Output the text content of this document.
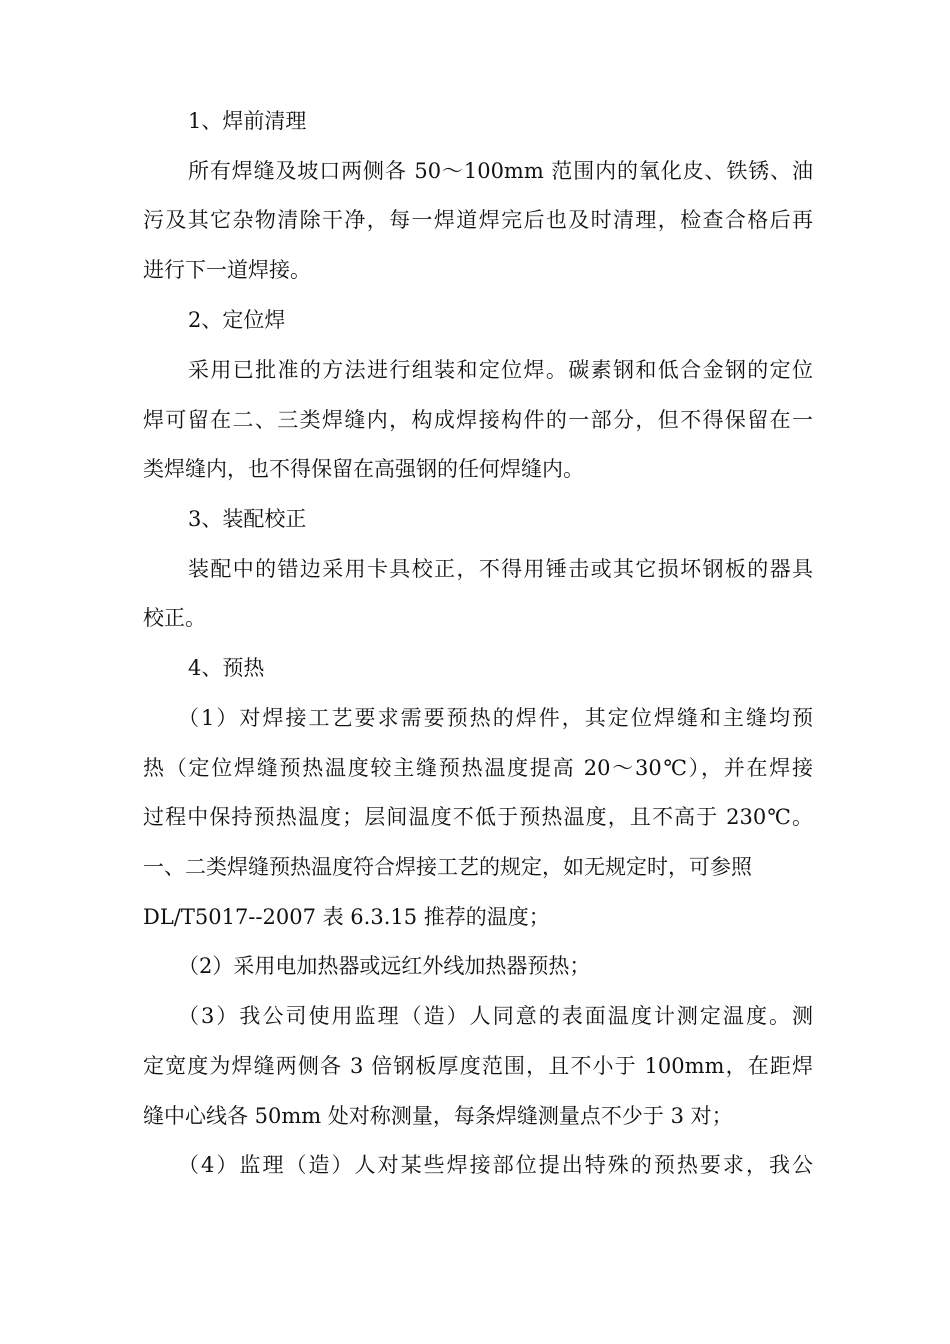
1、焊前清理
所有焊缝及坡口两侧各 50～100mm 范围内的氧化皮、铁锈、油
污及其它杂物清除干净，每一焊道焊完后也及时清理，检查合格后再
进行下一道焊接。
2、定位焊
采用已批准的方法进行组装和定位焊。碳素钢和低合金钢的定位
焊可留在二、三类焊缝内，构成焊接构件的一部分，但不得保留在一
类焊缝内，也不得保留在高强钢的任何焊缝内。
3、装配校正
装配中的错边采用卡具校正，不得用锤击或其它损坏钢板的器具
校正。
4、预热
（1）对焊接工艺要求需要预热的焊件，其定位焊缝和主缝均预
热（定位焊缝预热温度较主缝预热温度提高 20～30℃），并在焊接
过程中保持预热温度；层间温度不低于预热温度，且不高于 230℃。
一、二类焊缝预热温度符合焊接工艺的规定，如无规定时，可参照
DL/T5017--2007 表 6.3.15 推荐的温度；
（2）采用电加热器或远红外线加热器预热；
（3）我公司使用监理（造）人同意的表面温度计测定温度。测
定宽度为焊缝两侧各 3 倍钢板厚度范围，且不小于 100mm，在距焊
缝中心线各 50mm 处对称测量，每条焊缝测量点不少于 3 对；
（4）监理（造）人对某些焊接部位提出特殊的预热要求，我公
